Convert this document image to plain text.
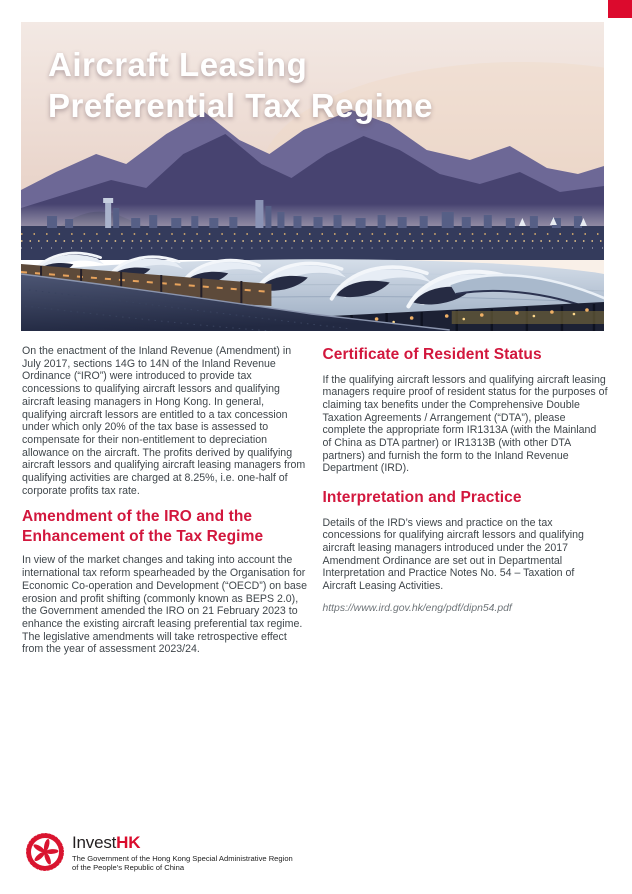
Aircraft Leasing
Preferential Tax Regime

On the enactment of the Inland Revenue (Amendment) in July 2017, sections 14G to 14N of the Inland Revenue Ordinance (“IRO”) were introduced to provide tax concessions to qualifying aircraft lessors and qualifying aircraft leasing managers in Hong Kong. In general, qualifying aircraft lessors are entitled to a tax concession under which only 20% of the tax base is assessed to compensate for their non-entitlement to depreciation allowance on the aircraft. The profits derived by qualifying aircraft lessors and qualifying aircraft leasing managers from qualifying activities are charged at 8.25%, i.e. one-half of corporate profits tax rate.

Amendment of the IRO and the Enhancement of the Tax Regime

In view of the market changes and taking into account the international tax reform spearheaded by the Organisation for Economic Co-operation and Development (“OECD”) on base erosion and profit shifting (commonly known as BEPS 2.0), the Government amended the IRO on 21 February 2023 to enhance the existing aircraft leasing preferential tax regime. The legislative amendments will take retrospective effect from the year of assessment 2023/24.

Certificate of Resident Status

If the qualifying aircraft lessors and qualifying aircraft leasing managers require proof of resident status for the purposes of claiming tax benefits under the Comprehensive Double Taxation Agreements / Arrangement (“DTA”), please complete the appropriate form IR1313A (with the Mainland of China as DTA partner) or IR1313B (with other DTA partners) and furnish the form to the Inland Revenue Department (IRD).

Interpretation and Practice

Details of the IRD’s views and practice on the tax concessions for qualifying aircraft lessors and qualifying aircraft leasing managers introduced under the 2017 Amendment Ordinance are set out in Departmental Interpretation and Practice Notes No. 54 – Taxation of Aircraft Leasing Activities.

https://www.ird.gov.hk/eng/pdf/dipn54.pdf
InvestHK
The Government of the Hong Kong Special Administrative Region
of the People's Republic of China
